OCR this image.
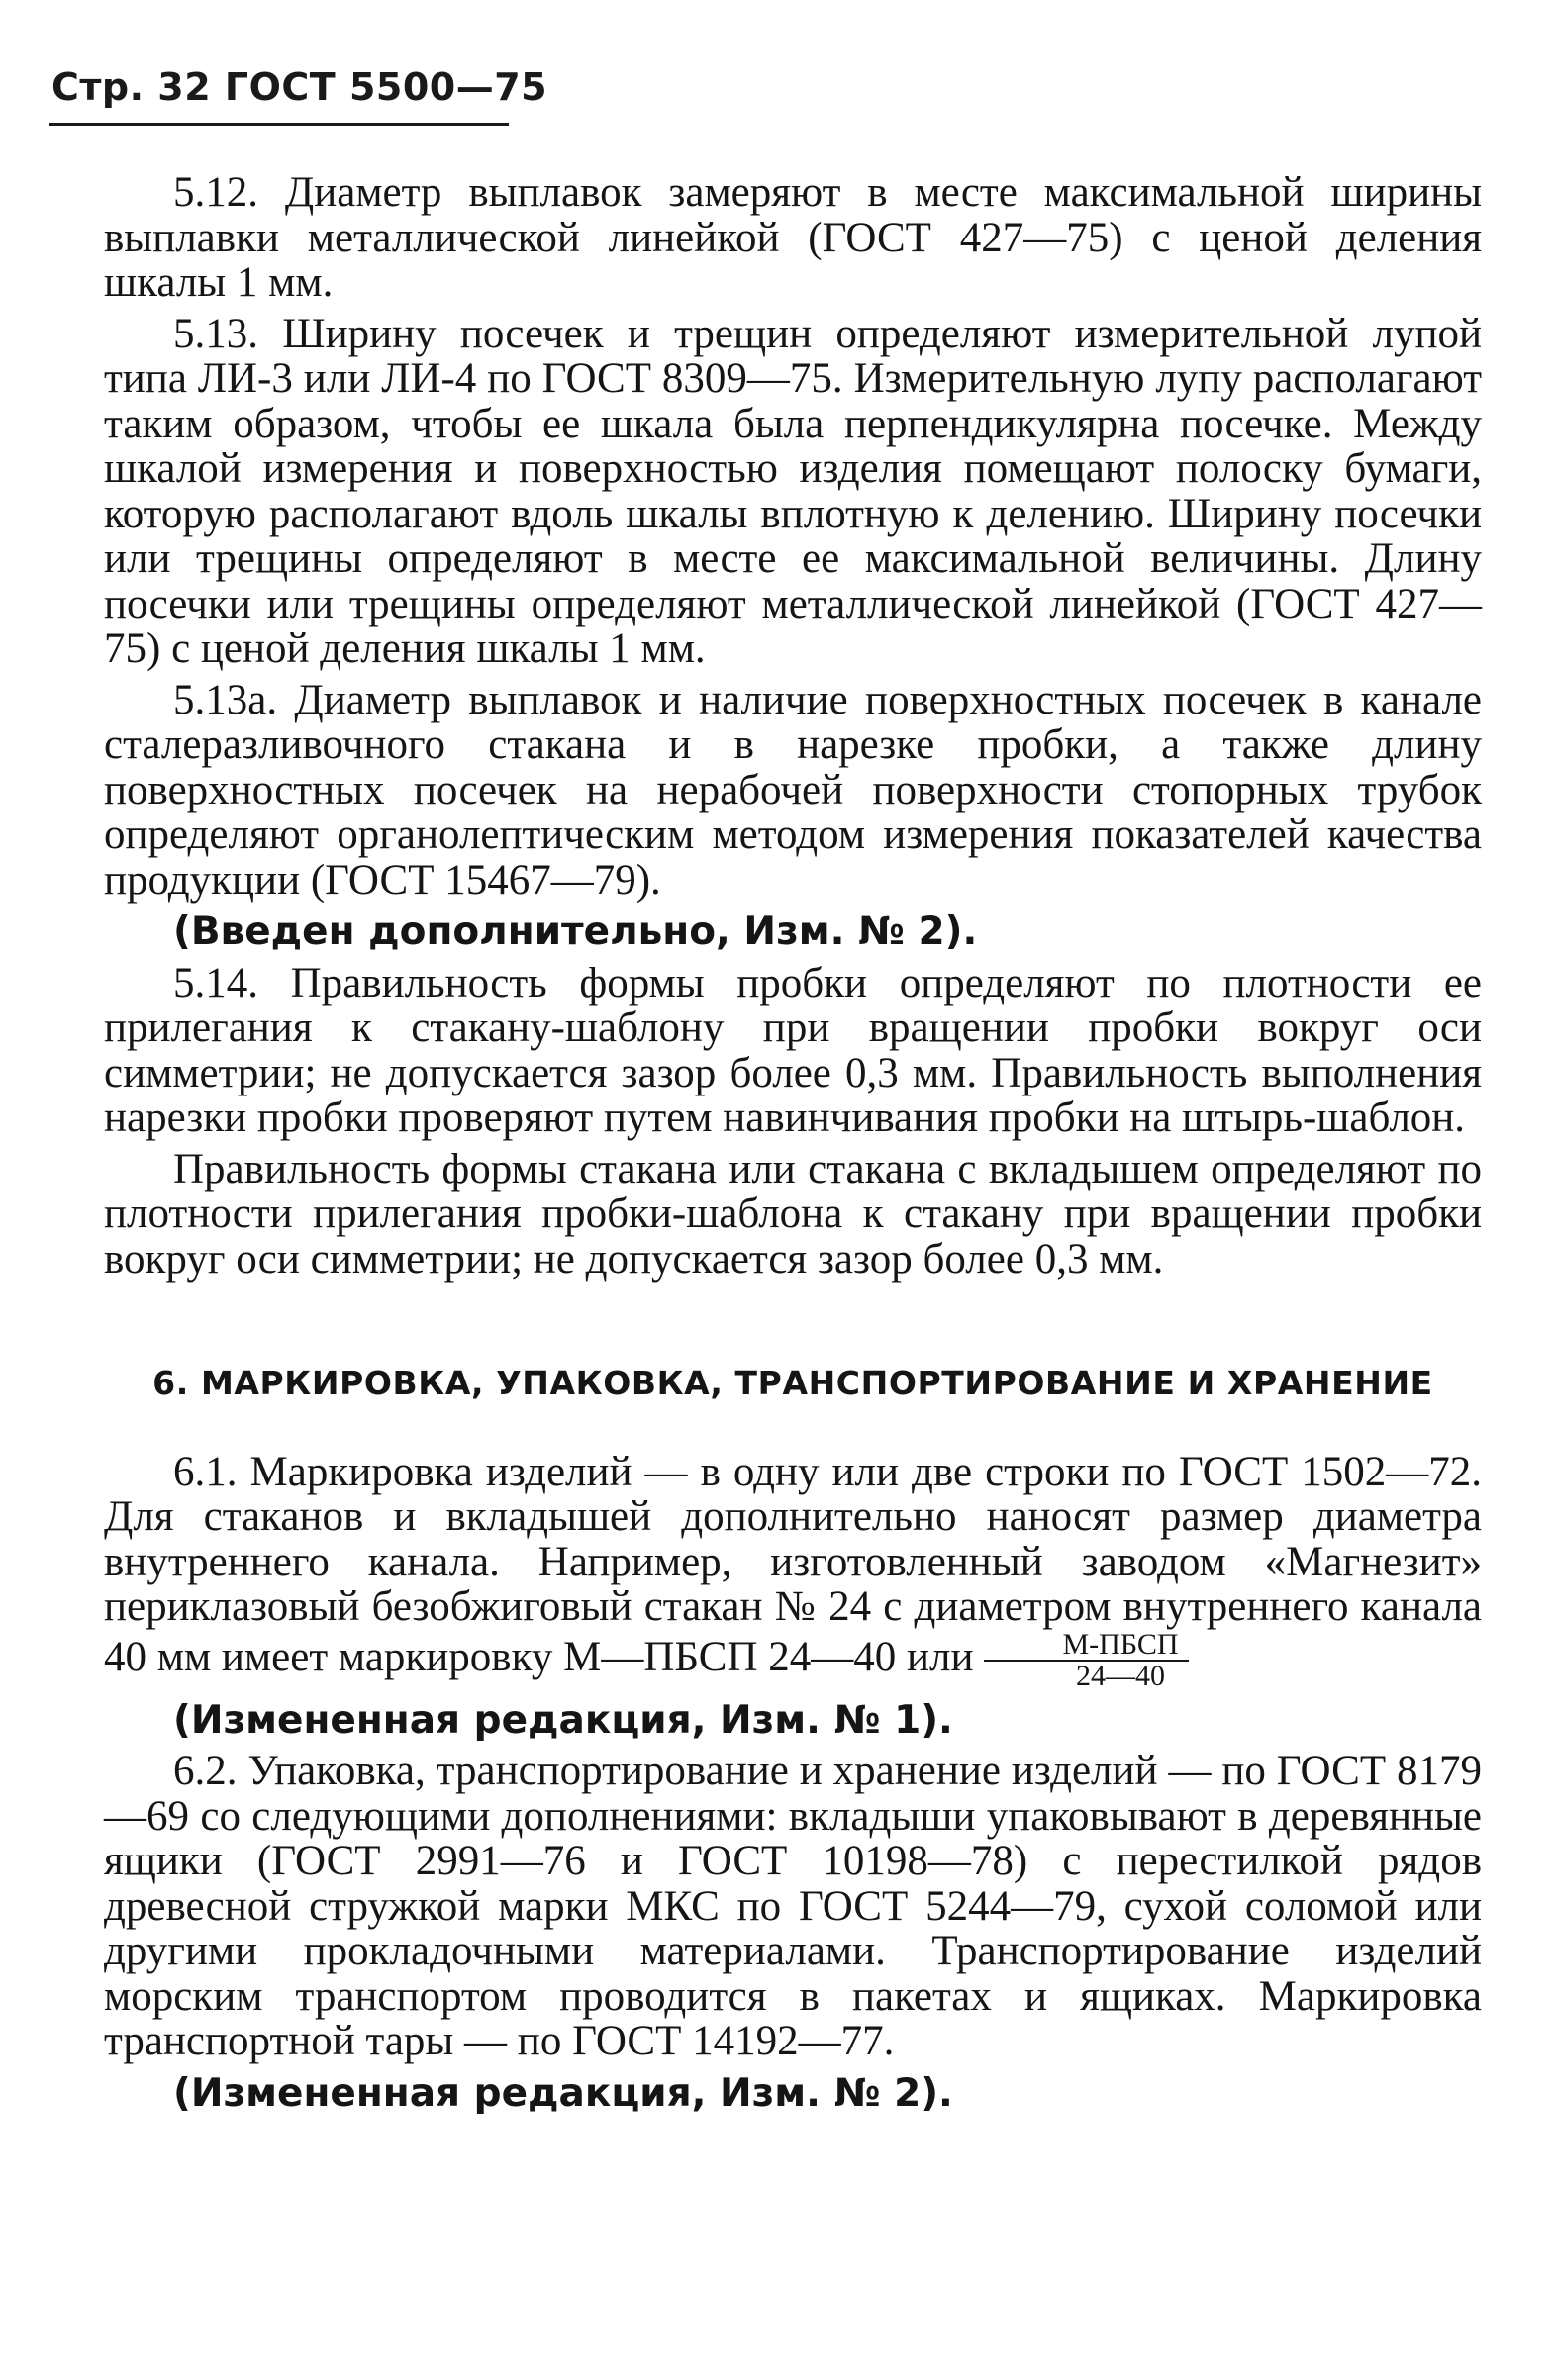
Стр. 32 ГОСТ 5500—75

5.12. Диаметр выплавок замеряют в месте максимальной ширины выплавки металлической линейкой (ГОСТ 427—75) с ценой деления шкалы 1 мм.

5.13. Ширину посечек и трещин определяют измерительной лупой типа ЛИ-3 или ЛИ-4 по ГОСТ 8309—75. Измерительную лупу располагают таким образом, чтобы ее шкала была перпендикулярна посечке. Между шкалой измерения и поверхностью изделия помещают полоску бумаги, которую располагают вдоль шкалы вплотную к делению. Ширину посечки или трещины определяют в месте ее максимальной величины. Длину посечки или трещины определяют металлической линейкой (ГОСТ 427—75) с ценой деления шкалы 1 мм.

5.13а. Диаметр выплавок и наличие поверхностных посечек в канале сталеразливочного стакана и в нарезке пробки, а также длину поверхностных посечек на нерабочей поверхности стопорных трубок определяют органолептическим методом измерения показателей качества продукции (ГОСТ 15467—79).

(Введен дополнительно, Изм. № 2).

5.14. Правильность формы пробки определяют по плотности ее прилегания к стакану-шаблону при вращении пробки вокруг оси симметрии; не допускается зазор более 0,3 мм. Правильность выполнения нарезки пробки проверяют путем навинчивания пробки на штырь-шаблон.

Правильность формы стакана или стакана с вкладышем определяют по плотности прилегания пробки-шаблона к стакану при вращении пробки вокруг оси симметрии; не допускается зазор более 0,3 мм.

6. МАРКИРОВКА, УПАКОВКА, ТРАНСПОРТИРОВАНИЕ И ХРАНЕНИЕ

6.1. Маркировка изделий — в одну или две строки по ГОСТ 1502—72. Для стаканов и вкладышей дополнительно наносят размер диаметра внутреннего канала. Например, изготовленный заводом «Магнезит» периклазовый безобжиговый стакан № 24 с диаметром внутреннего канала 40 мм имеет маркировку М—ПБСП 24—40 или $\frac{\text{М-ПБСП}}{24—40}$

(Измененная редакция, Изм. № 1).

6.2. Упаковка, транспортирование и хранение изделий — по ГОСТ 8179—69 со следующими дополнениями: вкладыши упаковывают в деревянные ящики (ГОСТ 2991—76 и ГОСТ 10198—78) с перестилкой рядов древесной стружкой марки МКС по ГОСТ 5244—79, сухой соломой или другими прокладочными материалами. Транспортирование изделий морским транспортом проводится в пакетах и ящиках. Маркировка транспортной тары — по ГОСТ 14192—77.

(Измененная редакция, Изм. № 2).
